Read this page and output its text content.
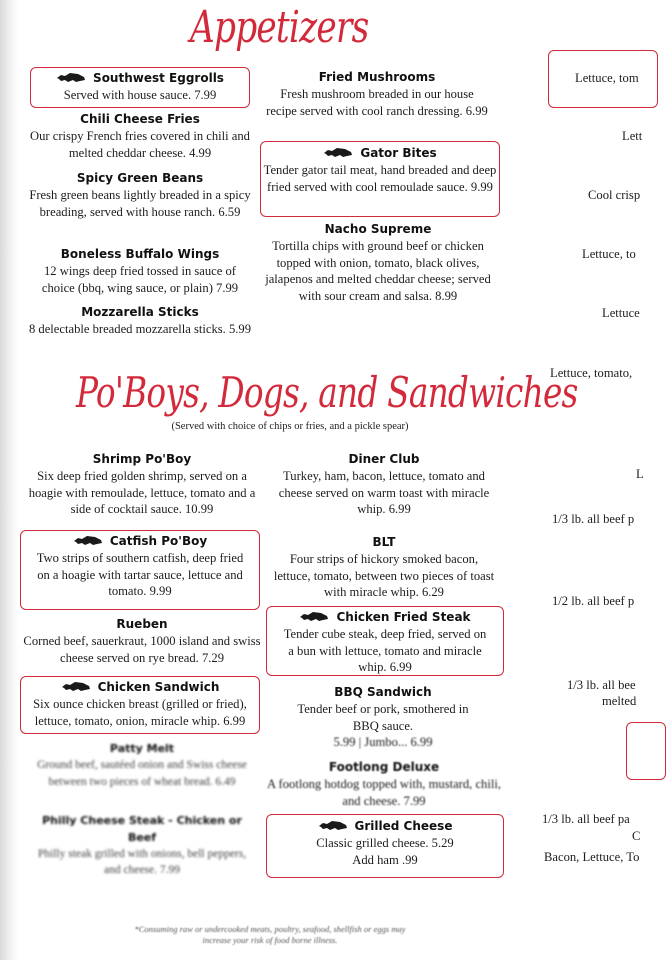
Appetizers
Southwest Eggrolls
Served with house sauce. 7.99
Chili Cheese Fries
Our crispy French fries covered in chili and melted cheddar cheese. 4.99
Spicy Green Beans
Fresh green beans lightly breaded in a spicy breading, served with house ranch. 6.59
Boneless Buffalo Wings
12 wings deep fried tossed in sauce of choice (bbq, wing sauce, or plain) 7.99
Mozzarella Sticks
8 delectable breaded mozzarella sticks. 5.99
Fried Mushrooms
Fresh mushroom breaded in our house recipe served with cool ranch dressing. 6.99
Gator Bites
Tender gator tail meat, hand breaded and deep fried served with cool remoulade sauce. 9.99
Nacho Supreme
Tortilla chips with ground beef or chicken topped with onion, tomato, black olives, jalapenos and melted cheddar cheese; served with sour cream and salsa. 8.99
Po'Boys, Dogs, and Sandwiches
(Served with choice of chips or fries, and a pickle spear)
Shrimp Po'Boy
Six deep fried golden shrimp, served on a hoagie with remoulade, lettuce, tomato and a side of cocktail sauce. 10.99
Catfish Po'Boy
Two strips of southern catfish, deep fried on a hoagie with tartar sauce, lettuce and tomato. 9.99
Rueben
Corned beef, sauerkraut, 1000 island and swiss cheese served on rye bread. 7.29
Chicken Sandwich
Six ounce chicken breast (grilled or fried), lettuce, tomato, onion, miracle whip. 6.99
Patty Melt
Ground beef, sautéed onion and Swiss cheese between two pieces of wheat bread. 6.49
Philly Cheese Steak - Chicken or Beef
Philly steak grilled with onions, bell peppers, and cheese. 7.99
Diner Club
Turkey, ham, bacon, lettuce, tomato and cheese served on warm toast with miracle whip. 6.99
BLT
Four strips of hickory smoked bacon, lettuce, tomato, between two pieces of toast with miracle whip. 6.29
Chicken Fried Steak
Tender cube steak, deep fried, served on a bun with lettuce, tomato and miracle whip. 6.99
BBQ Sandwich
Tender beef or pork, smothered in BBQ sauce.
5.99 | Jumbo... 6.99
Footlong Deluxe
A footlong hotdog topped with, mustard, chili, and cheese. 7.99
Grilled Cheese
Classic grilled cheese. 5.29
Add ham .99
*Consuming raw or undercooked meats, poultry, seafood, shellfish or eggs may increase your risk of food borne illness.
Lettuce, tom
Lett
Cool crisp
Lettuce, to
Lettuce
Lettuce, tomato,
L
1/3 lb. all beef p
1/2 lb. all beef p
1/3 lb. all bee
melted
1/3 lb. all beef pa
C
Bacon, Lettuce, To
